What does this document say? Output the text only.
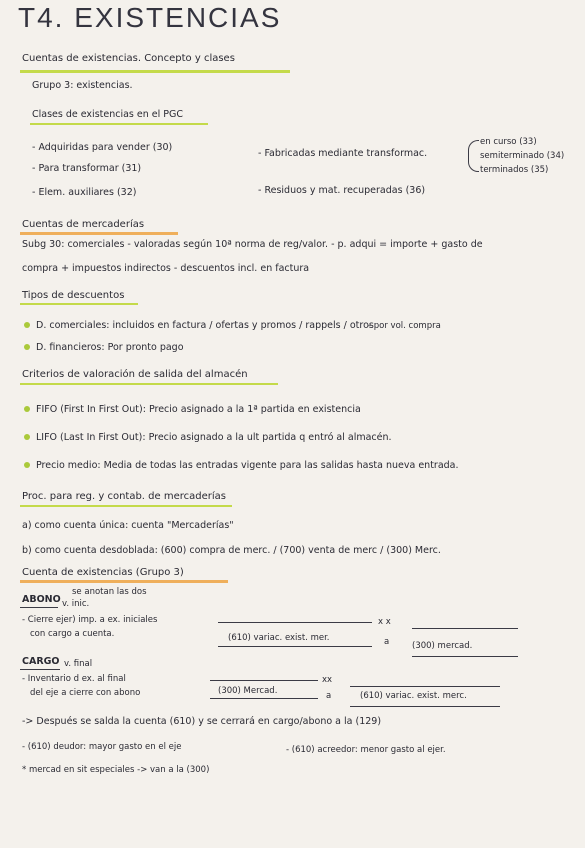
T4. EXISTENCIAS
Cuentas de existencias. Concepto y clases
Grupo 3: existencias.
Clases de existencias en el PGC
- Adquiridas para vender (30)
- Para transformar (31)
- Elem. auxiliares (32)
- Fabricadas mediante transformac.
- Residuos y mat. recuperadas (36)
en curso (33)
semiterminado (34)
terminados (35)
Cuentas de mercaderías
Subg 30: comerciales - valoradas según 10ª norma de reg/valor. - p. adqui = importe + gasto de
compra + impuestos indirectos - descuentos incl. en factura
Tipos de descuentos
- por vol. compra
D. comerciales: incluidos en factura / ofertas y promos / rappels / otros
D. financieros: Por pronto pago
Criterios de valoración de salida del almacén
FIFO (First In First Out): Precio asignado a la 1ª partida en existencia
LIFO (Last In First Out): Precio asignado a la ult partida q entró al almacén.
Precio medio: Media de todas las entradas vigente para las salidas hasta nueva entrada.
Proc. para reg. y contab. de mercaderías
a) como cuenta única: cuenta "Mercaderías"
b) como cuenta desdoblada: (600) compra de merc. / (700) venta de merc / (300) Merc.
Cuenta de existencias (Grupo 3)
se anotan las dos
ABONO v. inic.
- Cierre ejer) imp. a ex. iniciales
con cargo a cuenta.
x x
(610) variac. exist. mer.	a	(300) mercad.
CARGO v. final
- Inventario d ex. al final
del eje a cierre con abono
xx
(300) Mercad.	a	(610) variac. exist. merc.
-> Después se salda la cuenta (610) y se cerrará en cargo/abono a la (129)
- (610) deudor: mayor gasto en el eje	- (610) acreedor: menor gasto al ejer.
* mercad en sit especiales -> van a la (300)
